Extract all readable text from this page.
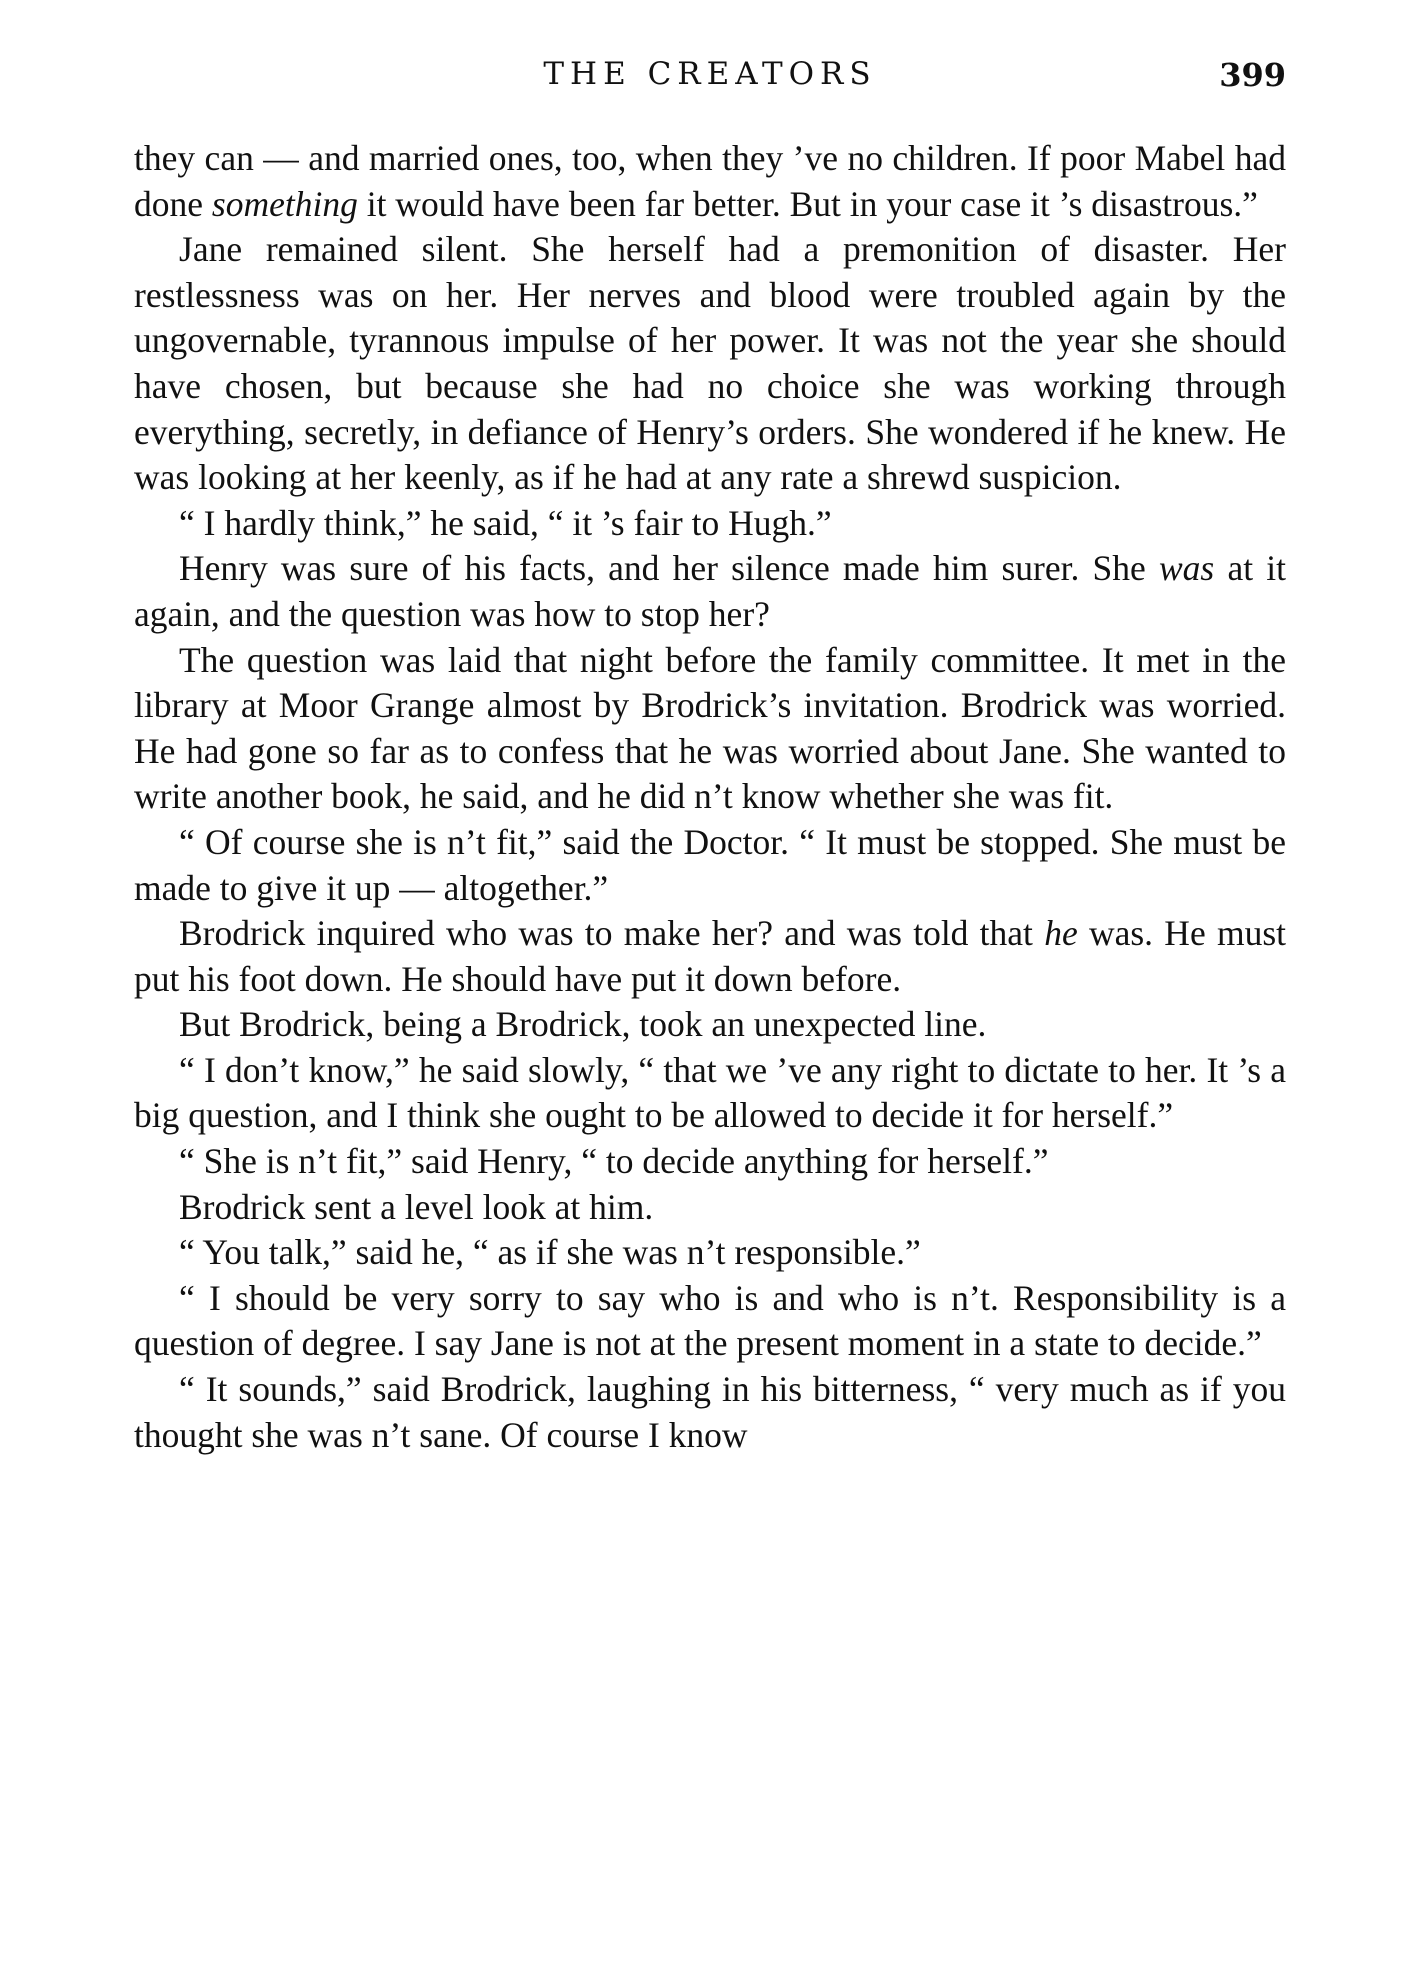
THE CREATORS	399

they can — and married ones, too, when they ’ve no children. If poor Mabel had done something it would have been far better. But in your case it ’s disastrous.”

Jane remained silent. She herself had a premonition of disaster. Her restlessness was on her. Her nerves and blood were troubled again by the ungovernable, tyrannous impulse of her power. It was not the year she should have chosen, but because she had no choice she was working through everything, secretly, in defiance of Henry’s orders. She wondered if he knew. He was looking at her keenly, as if he had at any rate a shrewd suspicion.

“ I hardly think,” he said, “ it ’s fair to Hugh.”

Henry was sure of his facts, and her silence made him surer. She was at it again, and the question was how to stop her?

The question was laid that night before the family committee. It met in the library at Moor Grange almost by Brodrick’s invitation. Brodrick was worried. He had gone so far as to confess that he was worried about Jane. She wanted to write another book, he said, and he did n’t know whether she was fit.

“ Of course she is n’t fit,” said the Doctor. “ It must be stopped. She must be made to give it up — altogether.”

Brodrick inquired who was to make her? and was told that he was. He must put his foot down. He should have put it down before.

But Brodrick, being a Brodrick, took an unexpected line.

“ I don’t know,” he said slowly, “ that we ’ve any right to dictate to her. It ’s a big question, and I think she ought to be allowed to decide it for herself.”

“ She is n’t fit,” said Henry, “ to decide anything for herself.”

Brodrick sent a level look at him.

“ You talk,” said he, “ as if she was n’t responsible.”

“ I should be very sorry to say who is and who is n’t. Responsibility is a question of degree. I say Jane is not at the present moment in a state to decide.”

“ It sounds,” said Brodrick, laughing in his bitterness, “ very much as if you thought she was n’t sane. Of course I know
